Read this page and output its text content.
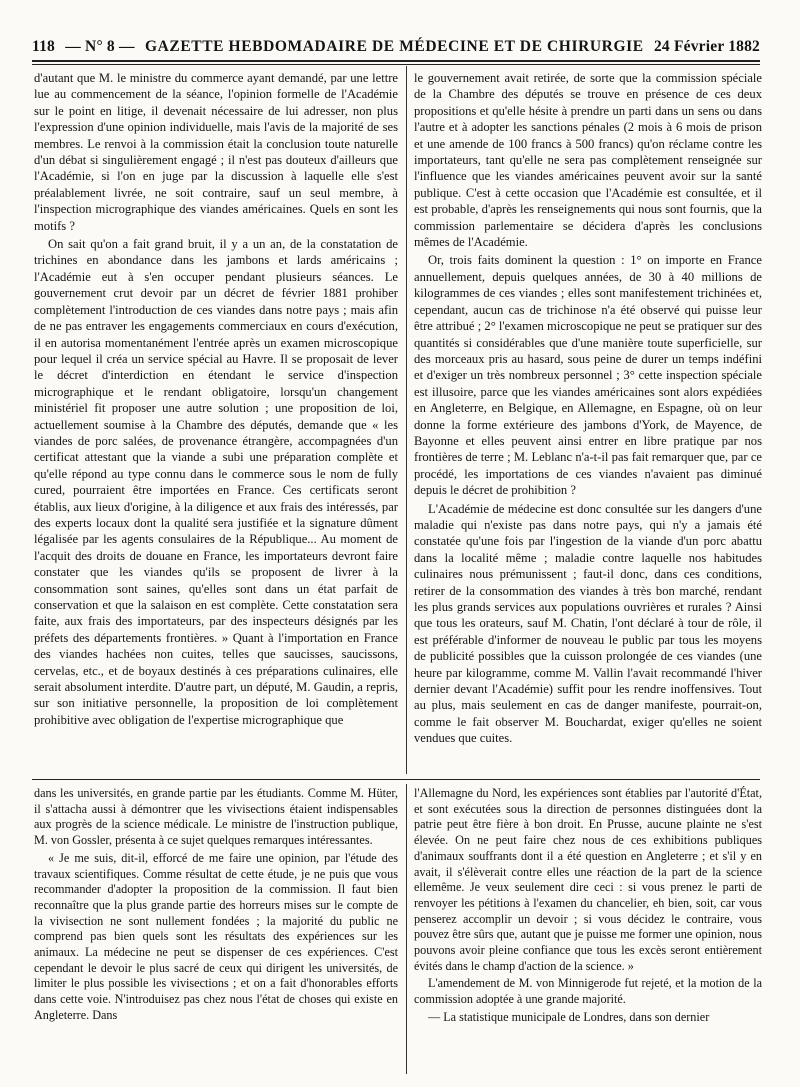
118 — N° 8 — GAZETTE HEBDOMADAIRE DE MÉDECINE ET DE CHIRURGIE 24 Février 1882

d'autant que M. le ministre du commerce ayant demandé, par une lettre lue au commencement de la séance, l'opinion formelle de l'Académie sur le point en litige, il devenait nécessaire de lui adresser, non plus l'expression d'une opinion individuelle, mais l'avis de la majorité de ses membres. Le renvoi à la commission était la conclusion toute naturelle d'un débat si singulièrement engagé ; il n'est pas douteux d'ailleurs que l'Académie, si l'on en juge par la discussion à laquelle elle s'est préalablement livrée, ne soit contraire, sauf un seul membre, à l'inspection micrographique des viandes américaines. Quels en sont les motifs ?

On sait qu'on a fait grand bruit, il y a un an, de la constatation de trichines en abondance dans les jambons et lards américains ; l'Académie eut à s'en occuper pendant plusieurs séances. Le gouvernement crut devoir par un décret de février 1881 prohiber complètement l'introduction de ces viandes dans notre pays ; mais afin de ne pas entraver les engagements commerciaux en cours d'exécution, il en autorisa momentanément l'entrée après un examen microscopique pour lequel il créa un service spécial au Havre. Il se proposait de lever le décret d'interdiction en étendant le service d'inspection micrographique et le rendant obligatoire, lorsqu'un changement ministériel fit proposer une autre solution ; une proposition de loi, actuellement soumise à la Chambre des députés, demande que « les viandes de porc salées, de provenance étrangère, accompagnées d'un certificat attestant que la viande a subi une préparation complète et qu'elle répond au type connu dans le commerce sous le nom de fully cured, pourraient être importées en France. Ces certificats seront établis, aux lieux d'origine, à la diligence et aux frais des intéressés, par des experts locaux dont la qualité sera justifiée et la signature dûment légalisée par les agents consulaires de la République... Au moment de l'acquit des droits de douane en France, les importateurs devront faire constater que les viandes qu'ils se proposent de livrer à la consommation sont saines, qu'elles sont dans un état parfait de conservation et que la salaison en est complète. Cette constatation sera faite, aux frais des importateurs, par des inspecteurs désignés par les préfets des départements frontières. » Quant à l'importation en France des viandes hachées non cuites, telles que saucisses, saucissons, cervelas, etc., et de boyaux destinés à ces préparations culinaires, elle serait absolument interdite. D'autre part, un député, M. Gaudin, a repris, sur son initiative personnelle, la proposition de loi complètement prohibitive avec obligation de l'expertise micrographique que

le gouvernement avait retirée, de sorte que la commission spéciale de la Chambre des députés se trouve en présence de ces deux propositions et qu'elle hésite à prendre un parti dans un sens ou dans l'autre et à adopter les sanctions pénales (2 mois à 6 mois de prison et une amende de 100 francs à 500 francs) qu'on réclame contre les importateurs, tant qu'elle ne sera pas complètement renseignée sur l'influence que les viandes américaines peuvent avoir sur la santé publique. C'est à cette occasion que l'Académie est consultée, et il est probable, d'après les renseignements qui nous sont fournis, que la commission parlementaire se décidera d'après les conclusions mêmes de l'Académie.

Or, trois faits dominent la question : 1° on importe en France annuellement, depuis quelques années, de 30 à 40 millions de kilogrammes de ces viandes ; elles sont manifestement trichinées et, cependant, aucun cas de trichinose n'a été observé qui puisse leur être attribué ; 2° l'examen microscopique ne peut se pratiquer sur des quantités si considérables que d'une manière toute superficielle, sur des morceaux pris au hasard, sous peine de durer un temps indéfini et d'exiger un très nombreux personnel ; 3° cette inspection spéciale est illusoire, parce que les viandes américaines sont alors expédiées en Angleterre, en Belgique, en Allemagne, en Espagne, où on leur donne la forme extérieure des jambons d'York, de Mayence, de Bayonne et elles peuvent ainsi entrer en libre pratique par nos frontières de terre ; M. Leblanc n'a-t-il pas fait remarquer que, par ce procédé, les importations de ces viandes n'avaient pas diminué depuis le décret de prohibition ?

L'Académie de médecine est donc consultée sur les dangers d'une maladie qui n'existe pas dans notre pays, qui n'y a jamais été constatée qu'une fois par l'ingestion de la viande d'un porc abattu dans la localité même ; maladie contre laquelle nos habitudes culinaires nous prémunissent ; faut-il donc, dans ces conditions, retirer de la consommation des viandes à très bon marché, rendant les plus grands services aux populations ouvrières et rurales ? Ainsi que tous les orateurs, sauf M. Chatin, l'ont déclaré à tour de rôle, il est préférable d'informer de nouveau le public par tous les moyens de publicité possibles que la cuisson prolongée de ces viandes (une heure par kilogramme, comme M. Vallin l'avait recommandé l'hiver dernier devant l'Académie) suffit pour les rendre inoffensives. Tout au plus, mais seulement en cas de danger manifeste, pourrait-on, comme le fait observer M. Bouchardat, exiger qu'elles ne soient vendues que cuites.

dans les universités, en grande partie par les étudiants. Comme M. Hüter, il s'attacha aussi à démontrer que les vivisections étaient indispensables aux progrès de la science médicale. Le ministre de l'instruction publique, M. von Gossler, présenta à ce sujet quelques remarques intéressantes.

« Je me suis, dit-il, efforcé de me faire une opinion, par l'étude des travaux scientifiques. Comme résultat de cette étude, je ne puis que vous recommander d'adopter la proposition de la commission. Il faut bien reconnaître que la plus grande partie des horreurs mises sur le compte de la vivisection ne sont nullement fondées ; la majorité du public ne comprend pas bien quels sont les résultats des expériences sur les animaux. La médecine ne peut se dispenser de ces expériences. C'est cependant le devoir le plus sacré de ceux qui dirigent les universités, de limiter le plus possible les vivisections ; et on a fait d'honorables efforts dans cette voie. N'introduisez pas chez nous l'état de choses qui existe en Angleterre. Dans

l'Allemagne du Nord, les expériences sont établies par l'autorité d'État, et sont exécutées sous la direction de personnes distinguées dont la patrie peut être fière à bon droit. En Prusse, aucune plainte ne s'est élevée. On ne peut faire chez nous de ces exhibitions publiques d'animaux souffrants dont il a été question en Angleterre ; et s'il y en avait, il s'élèverait contre elles une réaction de la part de la science ellemême. Je veux seulement dire ceci : si vous prenez le parti de renvoyer les pétitions à l'examen du chancelier, eh bien, soit, car vous penserez accomplir un devoir ; si vous décidez le contraire, vous pouvez être sûrs que, autant que je puisse me former une opinion, nous pouvons avoir pleine confiance que tous les excès seront entièrement évités dans le champ d'action de la science. »

L'amendement de M. von Minnigerode fut rejeté, et la motion de la commission adoptée à une grande majorité.

— La statistique municipale de Londres, dans son dernier
